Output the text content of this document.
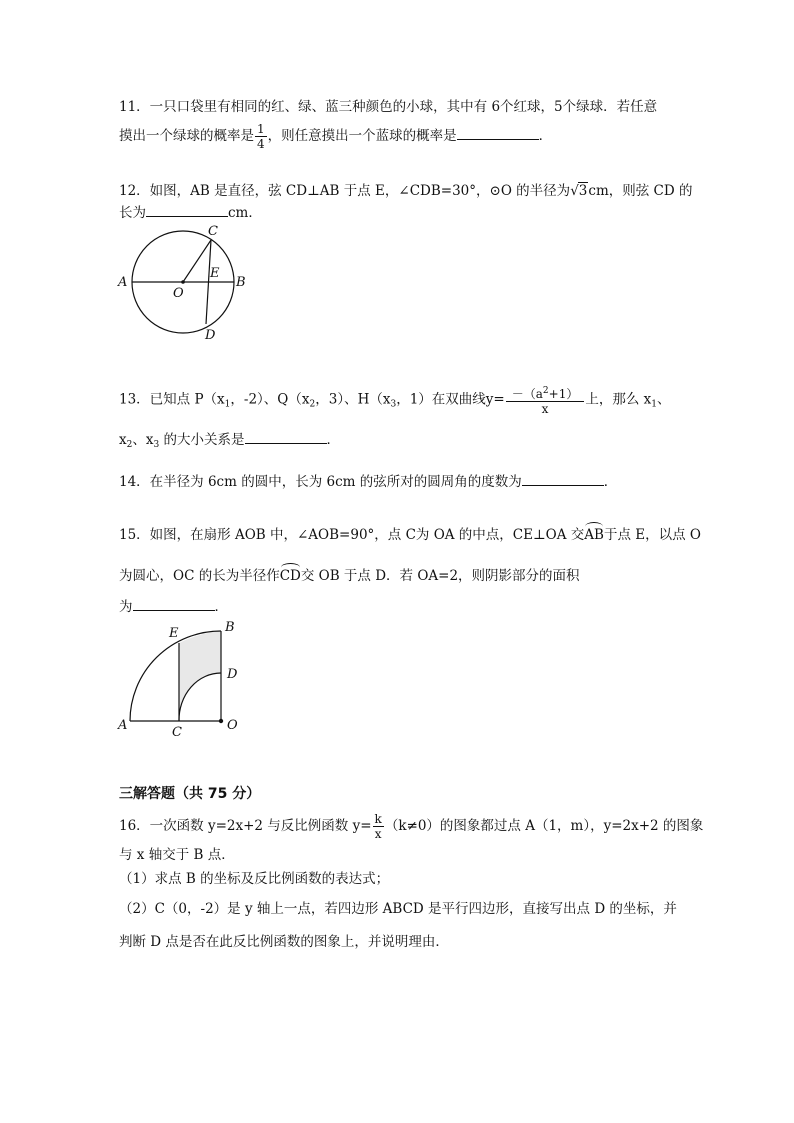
11．一只口袋里有相同的红、绿、蓝三种颜色的小球，其中有 6个红球，5个绿球．若任意
摸出一个绿球的概率是 $\frac{1}{4}$ ，则任意摸出一个蓝球的概率是	．
12．如图，AB 是直径，弦 CD⊥AB 于点 E，∠CDB=30°，⊙O 的半径为√3cm，则弦 CD 的
长为	cm．
A	B
C
D
E
O
13．已知点 $P(x_1$，-2）、$Q(x_2$，3）、$H(x_3$，1）在双曲线$y= \frac{-(a^2+1)}{x}$ 上，那么 $x_1$、
$x_2$、$x_3$ 的大小关系是	．
14．在半径为 6cm 的圆中，长为 6cm 的弦所对的圆周角的度数为	．
15．如图，在扇形 AOB 中，∠AOB=90°，点 C为 OA 的中点，CE⊥OA 交AB于点 E，以点 O
为圆心，OC 的长为半径作CD交 OB 于点 D．若 OA=2，则阴影部分的面积
为	．
A
B
C
D
E
O
三解答题（共 75 分）
16．一次函数 y=2x+2 与反比例函数 $y= \frac{k}{x} (k\ne 0)$的图象都过点 A（1，m），y=2x+2 的图象
与 x 轴交于 B 点．
（1）求点 B 的坐标及反比例函数的表达式；
（2）C（0，-2）是 y 轴上一点，若四边形 ABCD 是平行四边形，直接写出点 D 的坐标，并
判断 D 点是否在此反比例函数的图象上，并说明理由．
